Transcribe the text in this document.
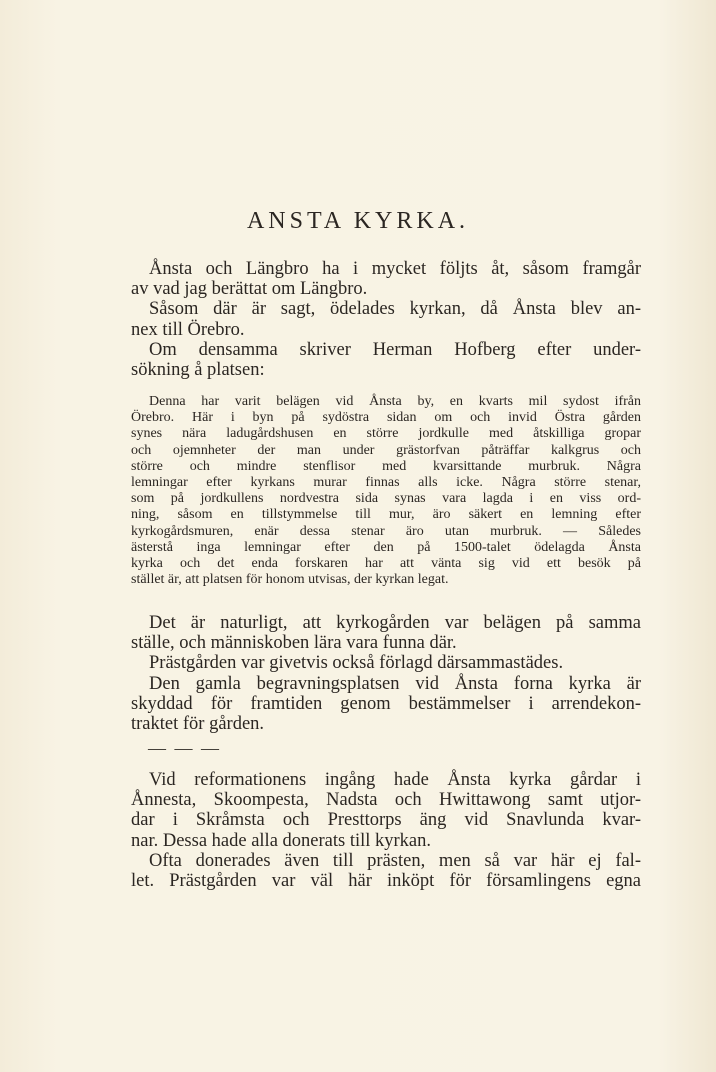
ANSTA KYRKA.
Ånsta och Längbro ha i mycket följts åt, såsom framgår
av vad jag berättat om Längbro.
Såsom där är sagt, ödelades kyrkan, då Ånsta blev an-
nex till Örebro.
Om densamma skriver Herman Hofberg efter under-
sökning å platsen:
Denna har varit belägen vid Ånsta by, en kvarts mil sydost ifrån
Örebro. Här i byn på sydöstra sidan om och invid Östra gården
synes nära ladugårdshusen en större jordkulle med åtskilliga gropar
och ojemnheter der man under grästorfvan påträffar kalkgrus och
större och mindre stenflisor med kvarsittande murbruk. Några
lemningar efter kyrkans murar finnas alls icke. Några större stenar,
som på jordkullens nordvestra sida synas vara lagda i en viss ord-
ning, såsom en tillstymmelse till mur, äro säkert en lemning efter
kyrkogårdsmuren, enär dessa stenar äro utan murbruk. — Således
ästerstå inga lemningar efter den på 1500-talet ödelagda Ånsta
kyrka och det enda forskaren har att vänta sig vid ett besök på
stället är, att platsen för honom utvisas, der kyrkan legat.
Det är naturligt, att kyrkogården var belägen på samma
ställe, och människoben lära vara funna där.
Prästgården var givetvis också förlagd därsammastädes.
Den gamla begravningsplatsen vid Ånsta forna kyrka är
skyddad för framtiden genom bestämmelser i arrendekon-
traktet för gården.
— — —
Vid reformationens ingång hade Ånsta kyrka gårdar i
Ånnesta, Skoompesta, Nadsta och Hwittawong samt utjor-
dar i Skråmsta och Presttorps äng vid Snavlunda kvar-
nar. Dessa hade alla donerats till kyrkan.
Ofta donerades även till prästen, men så var här ej fal-
let. Prästgården var väl här inköpt för församlingens egna
